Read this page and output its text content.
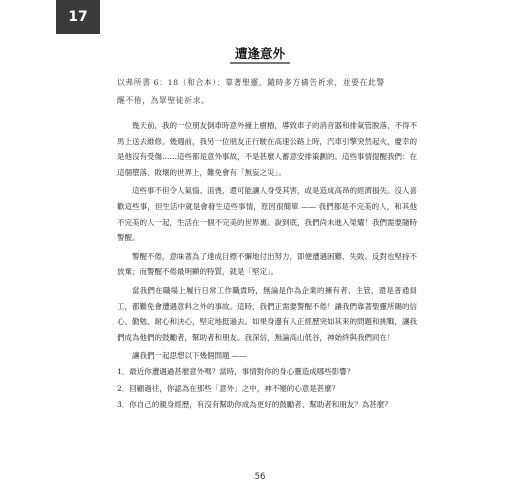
17
遭逢意外

以弗所書 6：18（和合本）：靠著聖靈，隨時多方禱告祈求，並要在此警

醒不倦，為眾聖徒祈求。

幾天前，我的一位朋友倒車時意外撞上樹樁，導致車子的消音器和排氣管脫落，不得不馬上送去維修。幾週前，我另一位朋友正行駛在高速公路上時，汽車引擎突然起火，慶幸的是他沒有受傷……這些都是意外事故，不是甚麼人蓄意安排策劃的。這些事情提醒我們：在這個墮落、敗壞的世界上，難免會有「無妄之災」。

這些事不但令人氣惱、沮喪，還可能讓人身受其害，或是造成高昂的經濟損失。沒人喜歡這些事，但生活中就是會發生這些事情，原因很簡單 —— 我們都是不完美的人，和其他不完美的人一起，生活在一個不完美的世界裏。說到底，我們尚未進入榮耀！我們需要隨時警醒。

警醒不倦，意味著為了達成目標不懈地付出努力，即便遭遇困難、失敗、反對也堅持不放棄；而警醒不倦最明顯的特質，就是「堅定」。

當我們在職場上履行日常工作職責時，無論是作為企業的擁有者、主管，還是普通員工，都難免會遭遇意料之外的事故。這時，我們正需要警醒不倦！讓我們靠著聖靈所賜的信心、勤勉、耐心和決心，堅定地挺過去。如果身邊有人正經歷突如其來的問題和挑戰，讓我們成為他們的鼓勵者，幫助者和朋友。我深信，無論高山低谷，神始終與我們同在！

讓我們一起思想以下幾個問題 ——

1．最近你遭遇過甚麼意外嗎？當時，事情對你的身心靈造成哪些影響？
2．回顧過往，你認為在那些「意外」之中，神不變的心意是甚麼？
3．你自己的親身經歷，有沒有幫助你成為更好的鼓勵者、幫助者和朋友？為甚麼？
56
